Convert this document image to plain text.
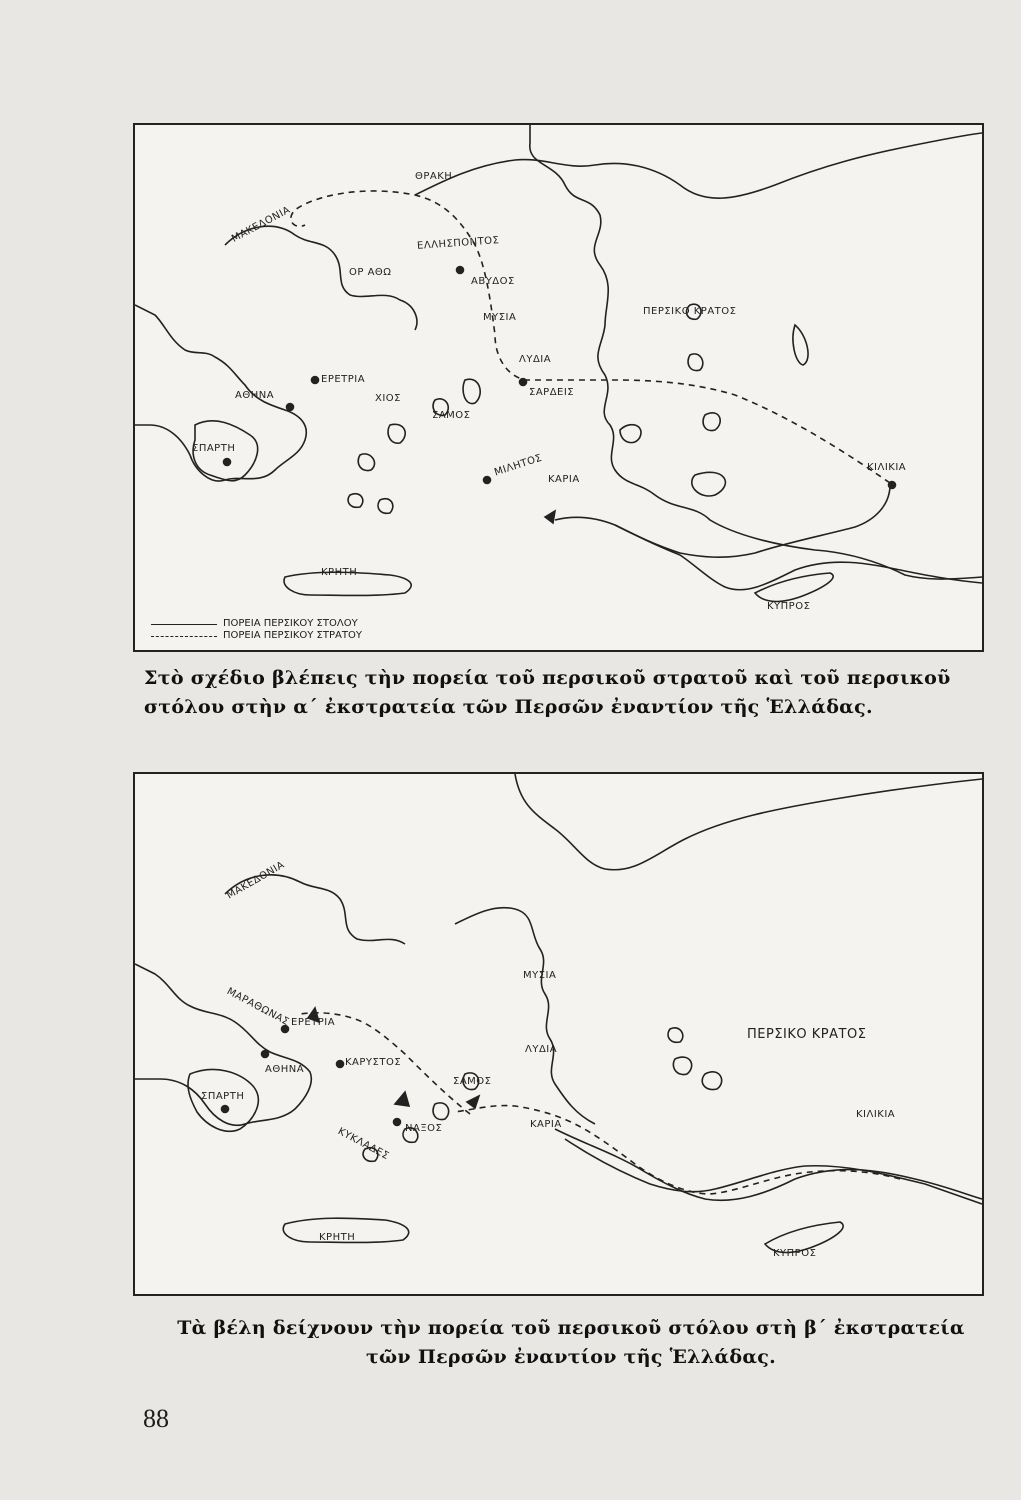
ΘΡΑΚΗ
ΜΑΚΕΔΟΝΙΑ
ΟΡ ΑΘΩ
ΕΛΛΗΣΠΟΝΤΟΣ
ΑΒΥΔΟΣ
ΠΕΡΣΙΚΟ ΚΡΑΤΟΣ
ΜΥΣΙΑ
ΛΥΔΙΑ
ΣΑΡΔΕΙΣ
ΕΡΕΤΡΙΑ
ΑΘΗΝΑ	ΧΙΟΣ
ΣΑΜΟΣ
ΣΠΑΡΤΗ
ΜΙΛΗΤΟΣ
ΚΑΡΙΑ
ΚΙΛΙΚΙΑ
ΚΡΗΤΗ
ΚΥΠΡΟΣ
ΠΟΡΕΙΑ ΠΕΡΣΙΚΟΥ ΣΤΟΛΟΥ
ΠΟΡΕΙΑ ΠΕΡΣΙΚΟΥ ΣΤΡΑΤΟΥ
Στὸ σχέδιο βλέπεις τὴν πορεία τοῦ περσικοῦ στρατοῦ καὶ τοῦ περσικοῦ στόλου στὴν α΄ ἐκστρατεία τῶν Περσῶν ἐναντίον τῆς Ἑλλάδας.
ΜΑΚΕΔΟΝΙΑ
ΜΥΣΙΑ
ΠΕΡΣΙΚΟ ΚΡΑΤΟΣ
ΕΡΕΤΡΙΑ
ΜΑΡΑΘΩΝΑΣ
ΛΥΔΙΑ
ΑΘΗΝΑ
ΚΑΡΥΣΤΟΣ
ΣΑΜΟΣ
ΣΠΑΡΤΗ
ΝΑΞΟΣ
ΚΥΚΛΑΔΕΣ
ΚΑΡΙΑ
ΚΙΛΙΚΙΑ
ΚΡΗΤΗ
ΚΥΠΡΟΣ
Τὰ βέλη δείχνουν τὴν πορεία τοῦ περσικοῦ στόλου στὴ β΄ ἐκστρατεία
τῶν Περσῶν ἐναντίον τῆς Ἑλλάδας.
88
